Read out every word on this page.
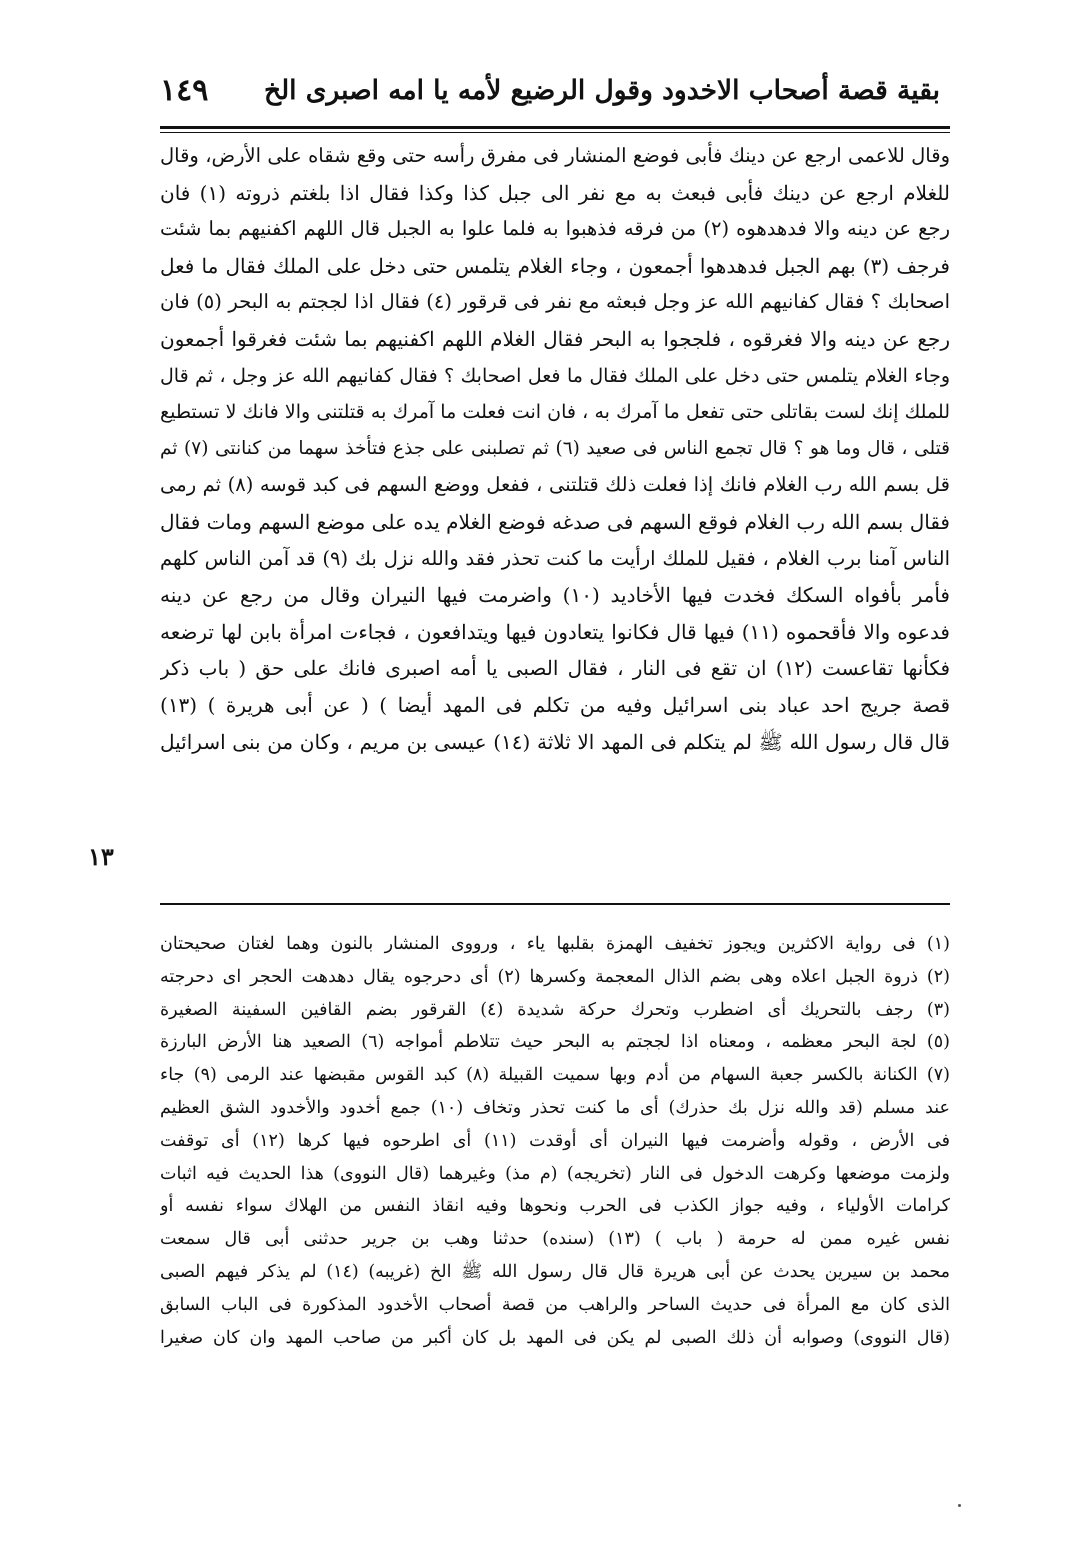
بقية قصة أصحاب الاخدود وقول الرضيع لأمه يا امه اصبرى الخ
١٤٩
وقال للاعمى ارجع عن دينك فأبى فوضع المنشار فى مفرق رأسه حتى وقع شقاه على الأرض، وقال
للغلام ارجع عن دينك فأبى فبعث به مع نفر الى جبل كذا وكذا فقال اذا بلغتم ذروته (١) فان
رجع عن دينه والا فدهدهوه (٢) من فرقه فذهبوا به فلما علوا به الجبل قال اللهم اكفنيهم بما شئت
فرجف (٣) بهم الجبل فدهدهوا أجمعون ، وجاء الغلام يتلمس حتى دخل على الملك فقال ما فعل
اصحابك ؟ فقال كفانيهم الله عز وجل فبعثه مع نفر فى قرقور (٤) فقال اذا لججتم به البحر (٥) فان
رجع عن دينه والا فغرقوه ، فلججوا به البحر فقال الغلام اللهم اكفنيهم بما شئت فغرقوا أجمعون
وجاء الغلام يتلمس حتى دخل على الملك فقال ما فعل اصحابك ؟ فقال كفانيهم الله عز وجل ، ثم قال
للملك إنك لست بقاتلى حتى تفعل ما آمرك به ، فان انت فعلت ما آمرك به قتلتنى والا فانك لا تستطيع
قتلى ، قال وما هو ؟ قال تجمع الناس فى صعيد (٦) ثم تصلبنى على جذع فتأخذ سهما من كنانتى (٧) ثم
قل بسم الله رب الغلام فانك إذا فعلت ذلك قتلتنى ، ففعل ووضع السهم فى كبد قوسه (٨) ثم رمى
فقال بسم الله رب الغلام فوقع السهم فى صدغه فوضع الغلام يده على موضع السهم ومات فقال
الناس آمنا برب الغلام ، فقيل للملك ارأيت ما كنت تحذر فقد والله نزل بك (٩) قد آمن الناس كلهم
فأمر بأفواه السكك فخدت فيها الأخاديد (١٠) واضرمت فيها النيران وقال من رجع عن دينه
فدعوه والا فأقحموه (١١) فيها قال فكانوا يتعادون فيها ويتدافعون ، فجاءت امرأة بابن لها ترضعه
فكأنها تقاعست (١٢) ان تقع فى النار ، فقال الصبى يا أمه اصبرى فانك على حق ( باب ذكر
قصة جريج احد عباد بنى اسرائيل وفيه من تكلم فى المهد أيضا ) ( عن أبى هريرة ) (١٣)
قال قال رسول الله ﷺ لم يتكلم فى المهد الا ثلاثة (١٤) عيسى بن مريم ، وكان من بنى اسرائيل
١٣
(١) فى رواية الاكثرين ويجوز تخفيف الهمزة بقلبها ياء ، ورووى المنشار بالنون وهما لغتان صحيحتان
(٢) ذروة الجبل اعلاه وهى بضم الذال المعجمة وكسرها (٢) أى دحرجوه يقال دهدهت الحجر اى دحرجته
(٣) رجف بالتحريك أى اضطرب وتحرك حركة شديدة (٤) القرقور بضم القافين السفينة الصغيرة
(٥) لجة البحر معظمه ، ومعناه اذا لججتم به البحر حيث تتلاطم أمواجه (٦) الصعيد هنا الأرض البارزة
(٧) الكنانة بالكسر جعبة السهام من أدم وبها سميت القبيلة (٨) كبد القوس مقبضها عند الرمى (٩) جاء
عند مسلم (قد والله نزل بك حذرك) أى ما كنت تحذر وتخاف (١٠) جمع أخدود والأخدود الشق العظيم
فى الأرض ، وقوله وأضرمت فيها النيران أى أوقدت (١١) أى اطرحوه فيها كرها (١٢) أى توقفت
ولزمت موضعها وكرهت الدخول فى النار (تخريجه) (م مذ) وغيرهما (قال النووى) هذا الحديث فيه اثبات
كرامات الأولياء ، وفيه جواز الكذب فى الحرب ونحوها وفيه انقاذ النفس من الهلاك سواء نفسه أو
نفس غيره ممن له حرمة ( باب ) (١٣) (سنده) حدثنا وهب بن جرير حدثنى أبى قال سمعت
محمد بن سيرين يحدث عن أبى هريرة قال قال رسول الله ﷺ الخ (غريبه) (١٤) لم يذكر فيهم الصبى
الذى كان مع المرأة فى حديث الساحر والراهب من قصة أصحاب الأخدود المذكورة فى الباب السابق
(قال النووى) وصوابه أن ذلك الصبى لم يكن فى المهد بل كان أكبر من صاحب المهد وان كان صغيرا
